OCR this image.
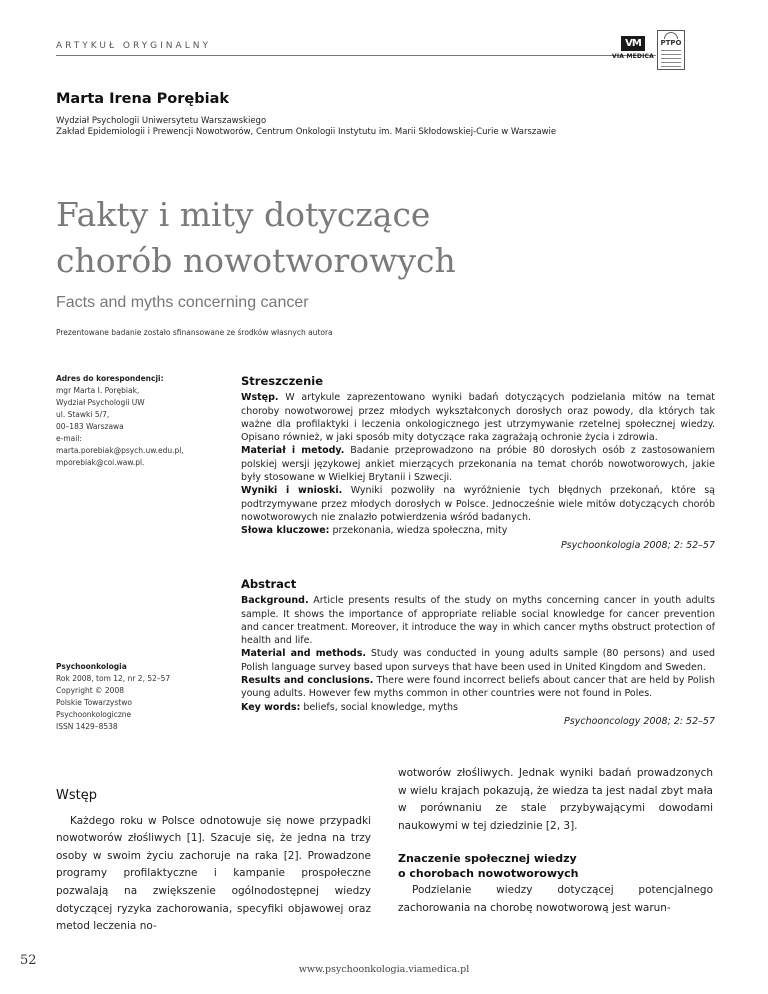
ARTYKUŁ ORYGINALNY	VM
VIA MEDICA
PTPO
Marta Irena Porębiak
Wydział Psychologii Uniwersytetu Warszawskiego
Zakład Epidemiologii i Prewencji Nowotworów, Centrum Onkologii Instytutu im. Marii Skłodowskiej-Curie w Warszawie
Fakty i mity dotyczące
chorób nowotworowych
Facts and myths concerning cancer
Prezentowane badanie zostało sfinansowane ze środków własnych autora
Adres do korespondencji:
mgr Marta I. Porębiak,
Wydział Psychologii UW
ul. Stawki 5/7,
00–183 Warszawa
e-mail:
marta.porebiak@psych.uw.edu.pl,
mporebiak@coi.waw.pl.
Psychoonkologia
Rok 2008, tom 12, nr 2, 52–57
Copyright © 2008
Polskie Towarzystwo
Psychoonkologiczne
ISSN 1429–8538
Streszczenie

Wstęp. W artykule zaprezentowano wyniki badań dotyczących podzielania mitów na temat choroby nowotworowej przez młodych wykształconych dorosłych oraz powody, dla których tak ważne dla profilaktyki i leczenia onkologicznego jest utrzymywanie rzetelnej społecznej wiedzy. Opisano również, w jaki sposób mity dotyczące raka zagrażają ochronie życia i zdrowia.

Materiał i metody. Badanie przeprowadzono na próbie 80 dorosłych osób z zastosowaniem polskiej wersji językowej ankiet mierzących przekonania na temat chorób nowotworowych, jakie były stosowane w Wielkiej Brytanii i Szwecji.

Wyniki i wnioski. Wyniki pozwoliły na wyróżnienie tych błędnych przekonań, które są podtrzymywane przez młodych dorosłych w Polsce. Jednocześnie wiele mitów dotyczących chorób nowotworowych nie znalazło potwierdzenia wśród badanych.

Słowa kluczowe: przekonania, wiedza społeczna, mity

Psychoonkologia 2008; 2: 52–57

Abstract

Background. Article presents results of the study on myths concerning cancer in youth adults sample. It shows the importance of appropriate reliable social knowledge for cancer prevention and cancer treatment. Moreover, it introduce the way in which cancer myths obstruct protection of health and life.

Material and methods. Study was conducted in young adults sample (80 persons) and used Polish language survey based upon surveys that have been used in United Kingdom and Sweden.

Results and conclusions. There were found incorrect beliefs about cancer that are held by Polish young adults. However few myths common in other countries were not found in Poles.

Key words: beliefs, social knowledge, myths

Psychooncology 2008; 2: 52–57

Wstęp

Każdego roku w Polsce odnotowuje się nowe przypadki nowotworów złośliwych [1]. Szacuje się, że jedna na trzy osoby w swoim życiu zachoruje na raka [2]. Prowadzone programy profilaktyczne i kampanie prospołeczne pozwalają na zwiększenie ogólnodostępnej wiedzy dotyczącej ryzyka zachorowania, specyfiki objawowej oraz metod leczenia no-

wotworów złośliwych. Jednak wyniki badań prowadzonych w wielu krajach pokazują, że wiedza ta jest nadal zbyt mała w porównaniu ze stale przybywającymi dowodami naukowymi w tej dziedzinie [2, 3].

Znaczenie społecznej wiedzy
o chorobach nowotworowych

Podzielanie wiedzy dotyczącej potencjalnego zachorowania na chorobę nowotworową jest warun-

52
www.psychoonkologia.viamedica.pl
